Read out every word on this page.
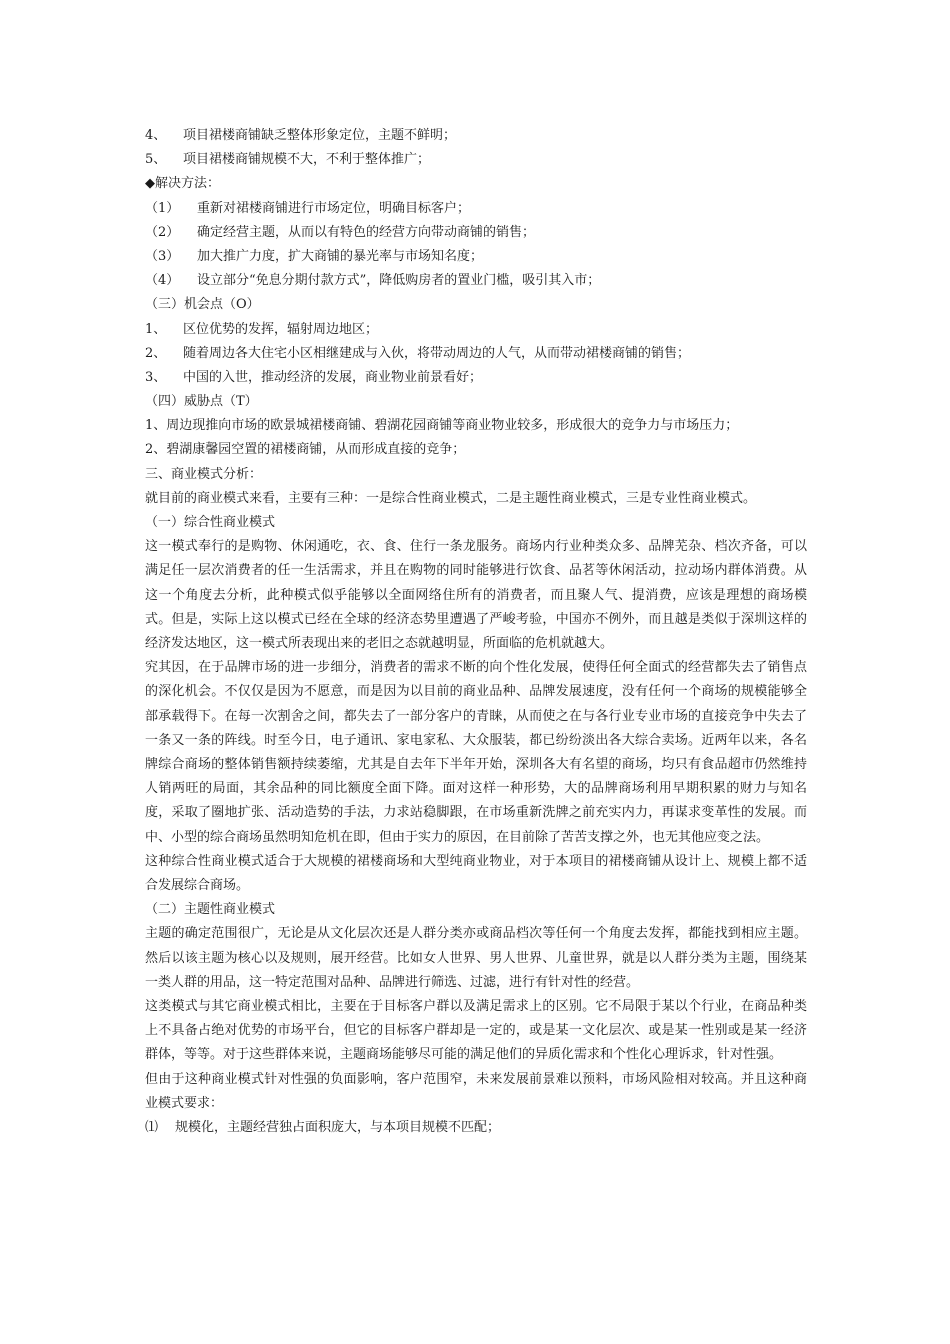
4、 项目裙楼商铺缺乏整体形象定位，主题不鲜明；
5、 项目裙楼商铺规模不大，不利于整体推广；
◆解决方法：
（1） 重新对裙楼商铺进行市场定位，明确目标客户；
（2） 确定经营主题，从而以有特色的经营方向带动商铺的销售；
（3） 加大推广力度，扩大商铺的暴光率与市场知名度；
（4） 设立部分“免息分期付款方式”，降低购房者的置业门槛，吸引其入市；
（三）机会点（O）
1、 区位优势的发挥，辐射周边地区；
2、 随着周边各大住宅小区相继建成与入伙，将带动周边的人气，从而带动裙楼商铺的销售；
3、 中国的入世，推动经济的发展，商业物业前景看好；
（四）威胁点（T）
1、周边现推向市场的欧景城裙楼商铺、碧湖花园商铺等商业物业较多，形成很大的竞争力与市场压力；
2、碧湖康馨园空置的裙楼商铺，从而形成直接的竞争；
三、商业模式分析：
就目前的商业模式来看，主要有三种：一是综合性商业模式，二是主题性商业模式，三是专业性商业模式。
（一）综合性商业模式
这一模式奉行的是购物、休闲通吃，衣、食、住行一条龙服务。商场内行业种类众多、品牌芜杂、档次齐备，可以满足任一层次消费者的任一生活需求，并且在购物的同时能够进行饮食、品茗等休闲活动，拉动场内群体消费。从这一个角度去分析，此种模式似乎能够以全面网络住所有的消费者，而且聚人气、提消费，应该是理想的商场模式。但是，实际上这以模式已经在全球的经济态势里遭遇了严峻考验，中国亦不例外，而且越是类似于深圳这样的经济发达地区，这一模式所表现出来的老旧之态就越明显，所面临的危机就越大。
究其因，在于品牌市场的进一步细分，消费者的需求不断的向个性化发展，使得任何全面式的经营都失去了销售点的深化机会。不仅仅是因为不愿意，而是因为以目前的商业品种、品牌发展速度，没有任何一个商场的规模能够全部承载得下。在每一次割舍之间，都失去了一部分客户的青睐，从而使之在与各行业专业市场的直接竞争中失去了一条又一条的阵线。时至今日，电子通讯、家电家私、大众服装，都已纷纷淡出各大综合卖场。近两年以来，各名牌综合商场的整体销售额持续萎缩，尤其是自去年下半年开始，深圳各大有名望的商场，均只有食品超市仍然维持人销两旺的局面，其余品种的同比额度全面下降。面对这样一种形势，大的品牌商场利用早期积累的财力与知名度，采取了圈地扩张、活动造势的手法，力求站稳脚跟，在市场重新洗牌之前充实内力，再谋求变革性的发展。而中、小型的综合商场虽然明知危机在即，但由于实力的原因，在目前除了苦苦支撑之外，也无其他应变之法。
这种综合性商业模式适合于大规模的裙楼商场和大型纯商业物业，对于本项目的裙楼商铺从设计上、规模上都不适合发展综合商场。
（二）主题性商业模式
主题的确定范围很广，无论是从文化层次还是人群分类亦或商品档次等任何一个角度去发挥，都能找到相应主题。然后以该主题为核心以及规则，展开经营。比如女人世界、男人世界、儿童世界，就是以人群分类为主题，围绕某一类人群的用品，这一特定范围对品种、品牌进行筛选、过滤，进行有针对性的经营。
这类模式与其它商业模式相比，主要在于目标客户群以及满足需求上的区别。它不局限于某以个行业，在商品种类上不具备占绝对优势的市场平台，但它的目标客户群却是一定的，或是某一文化层次、或是某一性别或是某一经济群体，等等。对于这些群体来说，主题商场能够尽可能的满足他们的异质化需求和个性化心理诉求，针对性强。
但由于这种商业模式针对性强的负面影响，客户范围窄，未来发展前景难以预料，市场风险相对较高。并且这种商业模式要求：
⑴ 规模化，主题经营独占面积庞大，与本项目规模不匹配；
